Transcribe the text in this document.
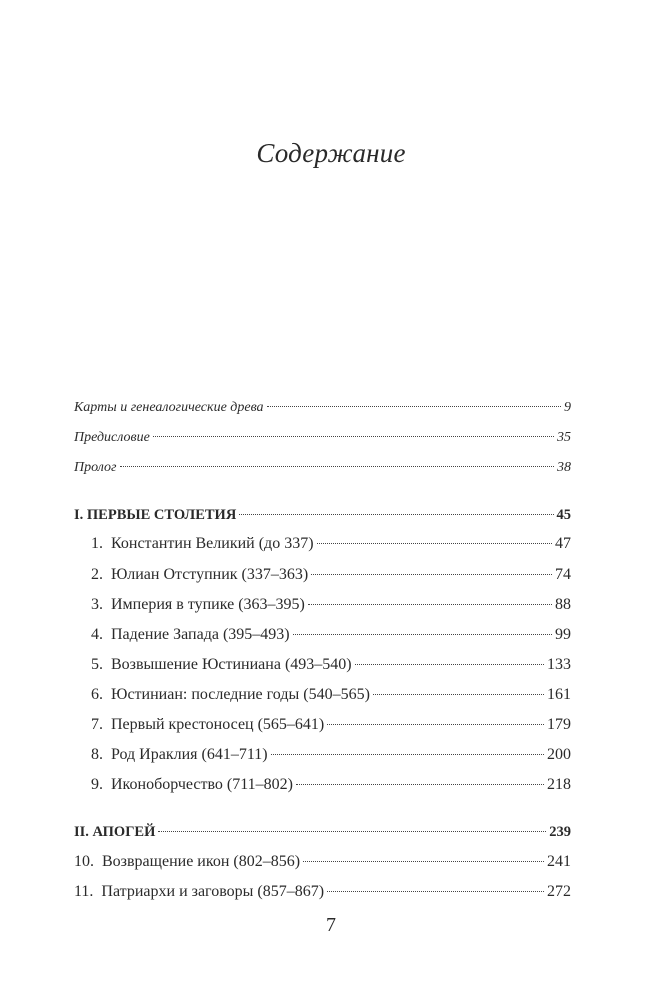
Содержание
Карты и генеалогические древа	9
Предисловие	35
Пролог	38
I. ПЕРВЫЕ СТОЛЕТИЯ	45
1. Константин Великий (до 337)	47
2. Юлиан Отступник (337–363)	74
3. Империя в тупике (363–395)	88
4. Падение Запада (395–493)	99
5. Возвышение Юстиниана (493–540)	133
6. Юстиниан: последние годы (540–565)	161
7. Первый крестоносец (565–641)	179
8. Род Ираклия (641–711)	200
9. Иконоборчество (711–802)	218
II. АПОГЕЙ	239
10. Возвращение икон (802–856)	241
11. Патриархи и заговоры (857–867)	272
7
